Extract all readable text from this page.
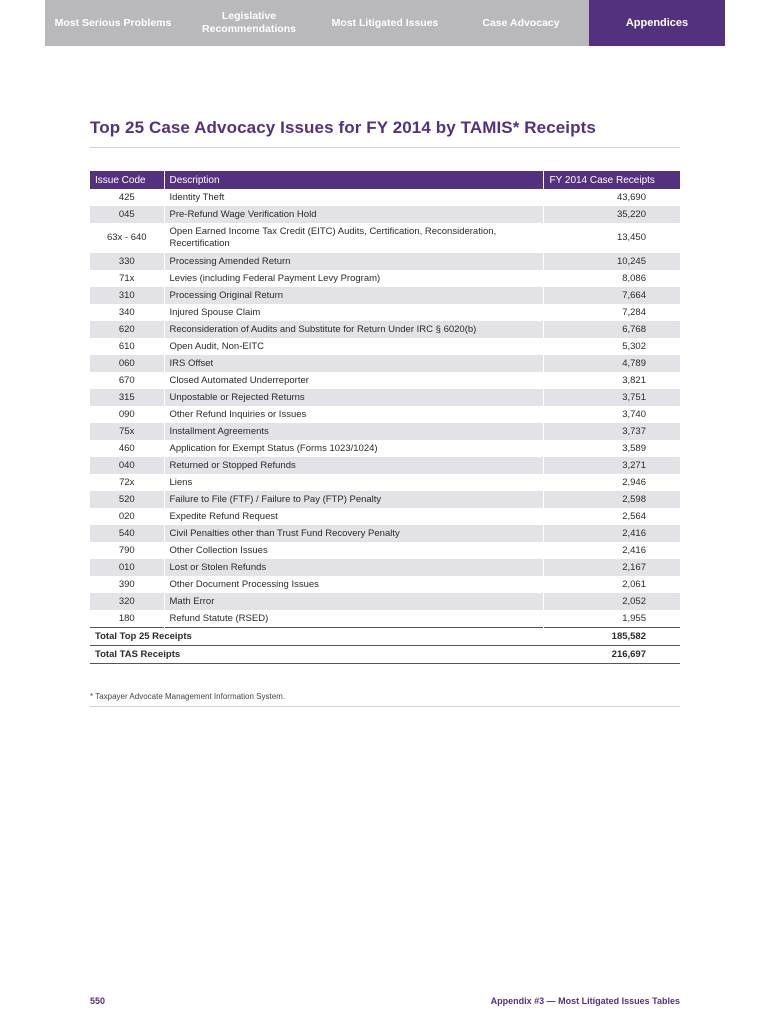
Most Serious Problems
Legislative Recommendations
Most Litigated Issues	Case Advocacy	Appendices
Top 25 Case Advocacy Issues for FY 2014 by TAMIS* Receipts
Issue Code	Description	FY 2014 Case Receipts
425	Identity Theft	43,690
045	Pre-Refund Wage Verification Hold	35,220
63x - 640	Open Earned Income Tax Credit (EITC) Audits, Certification, Reconsideration, Recertification	13,450
330	Processing Amended Return	10,245
71x	Levies (including Federal Payment Levy Program)	8,086
310	Processing Original Return	7,664
340	Injured Spouse Claim	7,284
620	Reconsideration of Audits and Substitute for Return Under IRC § 6020(b)	6,768
610	Open Audit, Non-EITC	5,302
060	IRS Offset	4,789
670	Closed Automated Underreporter	3,821
315	Unpostable or Rejected Returns	3,751
090	Other Refund Inquiries or Issues	3,740
75x	Installment Agreements	3,737
460	Application for Exempt Status (Forms 1023/1024)	3,589
040	Returned or Stopped Refunds	3,271
72x	Liens	2,946
520	Failure to File (FTF) / Failure to Pay (FTP) Penalty	2,598
020	Expedite Refund Request	2,564
540	Civil Penalties other than Trust Fund Recovery Penalty	2,416
790	Other Collection Issues	2,416
010	Lost or Stolen Refunds	2,167
390	Other Document Processing Issues	2,061
320	Math Error	2,052
180	Refund Statute (RSED)	1,955
Total Top 25 Receipts		185,582
Total TAS Receipts		216,697
* Taxpayer Advocate Management Information System.
550	Appendix #3 — Most Litigated Issues Tables
